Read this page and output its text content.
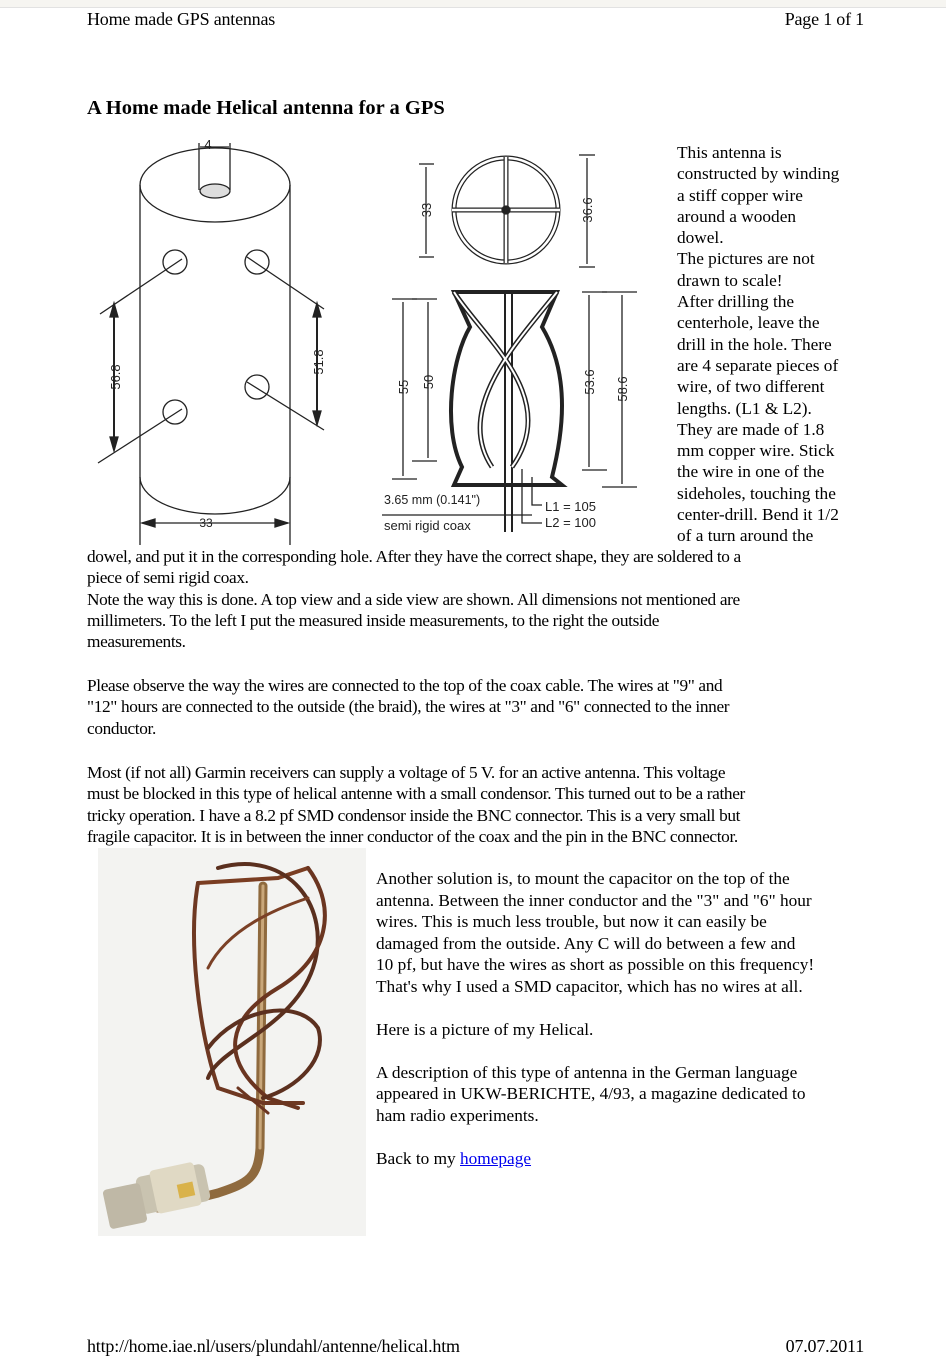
Home made GPS antennas	Page 1 of 1
A Home made Helical antenna for a GPS
4
33
56.8
51.8
33	36.6
55 50	53.6 58.6
3.65 mm (0.141")
semi rigid coax
L1 = 105
L2 = 100
This antenna is
constructed by winding
a stiff copper wire
around a wooden
dowel.
The pictures are not
drawn to scale!
After drilling the
centerhole, leave the
drill in the hole. There
are 4 separate pieces of
wire, of two different
lengths. (L1 & L2).
They are made of 1.8
mm copper wire. Stick
the wire in one of the
sideholes, touching the
center-drill. Bend it 1/2
of a turn around the
dowel, and put it in the corresponding hole. After they have the correct shape, they are soldered to a
piece of semi rigid coax.
Note the way this is done. A top view and a side view are shown. All dimensions not mentioned are
millimeters. To the left I put the measured inside measurements, to the right the outside
measurements.
Please observe the way the wires are connected to the top of the coax cable. The wires at "9" and
"12" hours are connected to the outside (the braid), the wires at "3" and "6" connected to the inner
conductor.
Most (if not all) Garmin receivers can supply a voltage of 5 V. for an active antenna. This voltage
must be blocked in this type of helical antenne with a small condensor. This turned out to be a rather
tricky operation. I have a 8.2 pf SMD condensor inside the BNC connector. This is a very small but
fragile capacitor. It is in between the inner conductor of the coax and the pin in the BNC connector.
Another solution is, to mount the capacitor on the top of the
antenna. Between the inner conductor and the "3" and "6" hour
wires. This is much less trouble, but now it can easily be
damaged from the outside. Any C will do between a few and
10 pf, but have the wires as short as possible on this frequency!
That's why I used a SMD capacitor, which has no wires at all.
Here is a picture of my Helical.
A description of this type of antenna in the German language
appeared in UKW-BERICHTE, 4/93, a magazine dedicated to
ham radio experiments.
Back to my homepage
http://home.iae.nl/users/plundahl/antenne/helical.htm	07.07.2011
